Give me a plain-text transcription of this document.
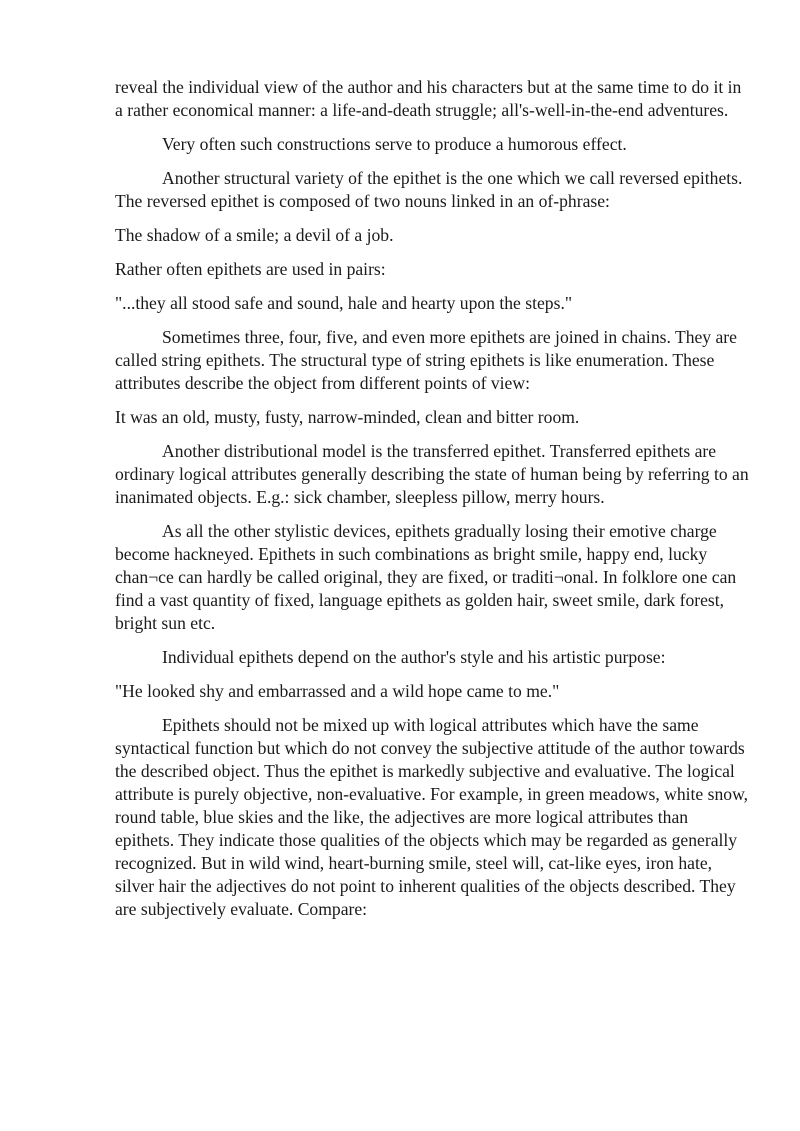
reveal the individual view of the author and his characters but at the same time to do it in a rather economical manner: a life-and-death struggle; all's-well-in-the-end adventures.

Very often such constructions serve to produce a humorous effect.

Another structural variety of the epithet is the one which we call reversed epithets. The reversed epithet is composed of two nouns linked in an of-phrase:

The shadow of a smile; a devil of a job.

Rather often epithets are used in pairs:

"...they all stood safe and sound, hale and hearty upon the steps."

Sometimes three, four, five, and even more epithets are joined in chains. They are called string epithets. The structural type of string epithets is like enumeration. These attributes describe the object from different points of view:

It was an old, musty, fusty, narrow-minded, clean and bitter room.

Another distributional model is the transferred epithet. Transferred epithets are ordinary logical attributes generally describing the state of human being by referring to an inanimated objects. E.g.: sick chamber, sleepless pillow, merry hours.

As all the other stylistic devices, epithets gradually losing their emotive charge become hackneyed. Epithets in such combinations as bright smile, happy end, lucky chan¬ce can hardly be called original, they are fixed, or traditi¬onal. In folklore one can find a vast quantity of fixed, language epithets as golden hair, sweet smile, dark forest, bright sun etc.

Individual epithets depend on the author's style and his artistic purpose:

"He looked shy and embarrassed and a wild hope came to me."

Epithets should not be mixed up with logical attributes which have the same syntactical function but which do not convey the subjective attitude of the author towards the described object. Thus the epithet is markedly subjective and evaluative. The logical attribute is purely objective, non-evaluative. For example, in green meadows, white snow, round table, blue skies and the like, the adjectives are more logical attributes than epithets. They indicate those qualities of the objects which may be regarded as generally recognized. But in wild wind, heart-burning smile, steel will, cat-like eyes, iron hate, silver hair the adjectives do not point to inherent qualities of the objects described. They are subjectively evaluate. Compare:
